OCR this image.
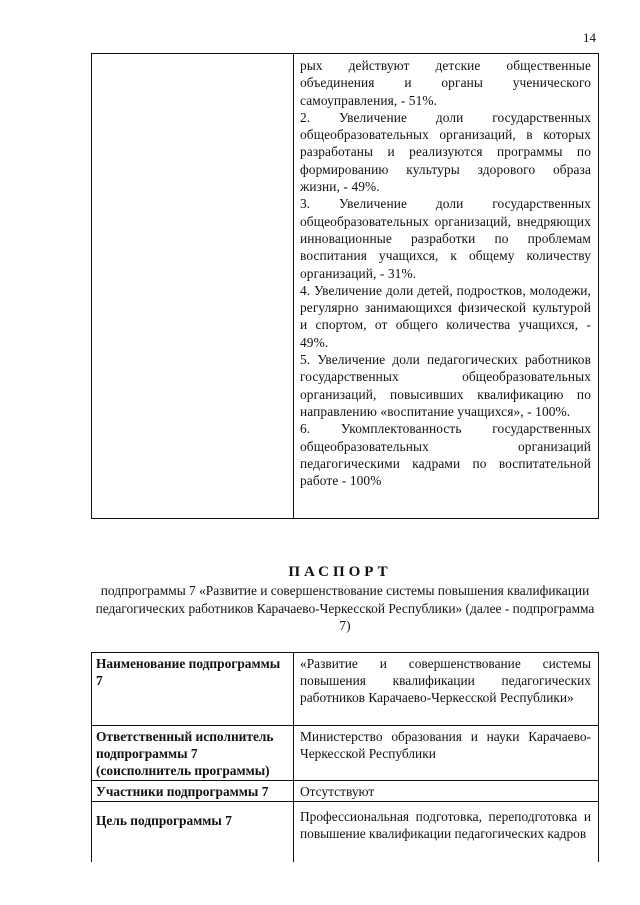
14

рых действуют детские общественные объединения и органы ученического самоуправления, - 51%.

2. Увеличение доли государственных общеобразовательных организаций, в которых разработаны и реализуются программы по формированию культуры здорового образа жизни, - 49%.

3. Увеличение доли государственных общеобразовательных организаций, внедряющих инновационные разработки по проблемам воспитания учащихся, к общему количеству организаций, - 31%.

4. Увеличение доли детей, подростков, молодежи, регулярно занимающихся физической культурой и спортом, от общего количества учащихся, - 49%.

5. Увеличение доли педагогических работников государственных общеобразовательных организаций, повысивших квалификацию по направлению «воспитание учащихся», - 100%.

6. Укомплектованность государственных общеобразовательных организаций педагогическими кадрами по воспитательной работе - 100%

ПАСПОРТ
подпрограммы 7 «Развитие и совершенствование системы повышения квалификации педагогических работников Карачаево-Черкесской Республики» (далее - подпрограмма 7)
Наименование подпрограммы 7
«Развитие и совершенствование системы повышения квалификации педагогических работников Карачаево-Черкесской Республики»
Ответственный исполнитель подпрограммы 7 (соисполнитель программы)
Министерство образования и науки Карачаево-Черкесской Республики
Участники подпрограммы 7	Отсутствуют
Цель подпрограммы 7	Профессиональная подготовка, переподготовка и повышение квалификации педагогических кадров
